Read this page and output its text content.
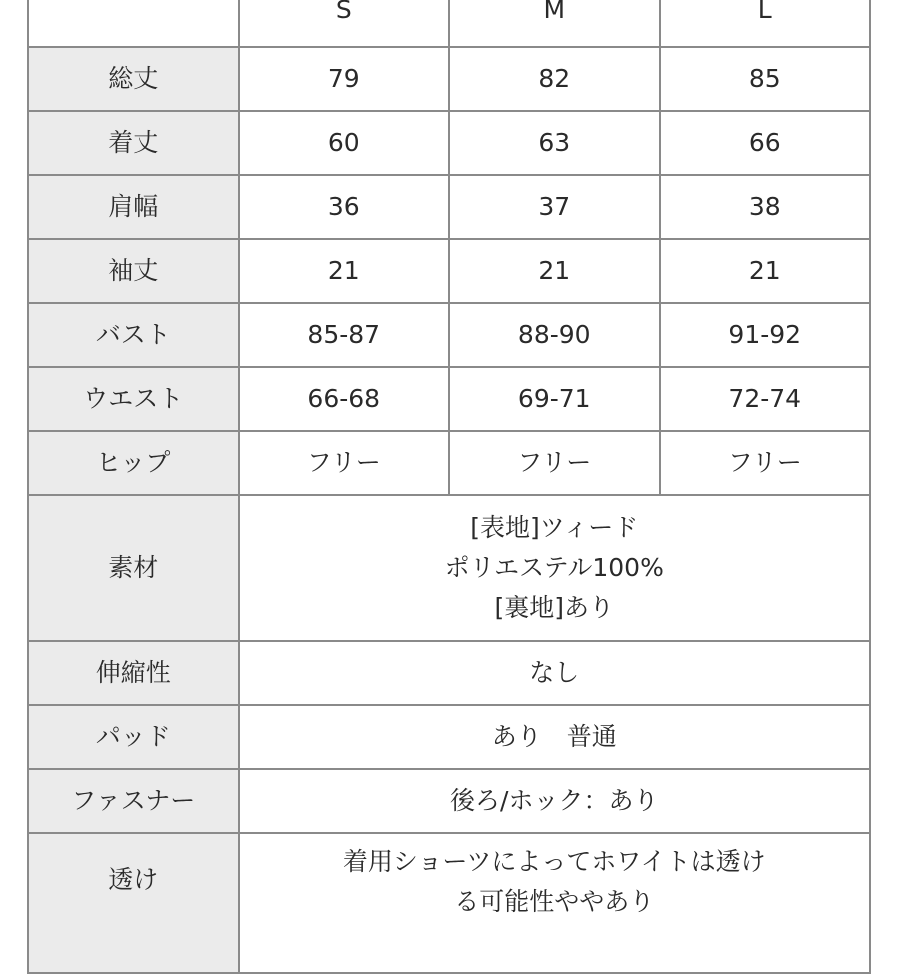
	S	M	L
総丈	79	82	85
着丈	60	63	66
肩幅	36	37	38
袖丈	21	21	21
バスト	85-87	88-90	91-92
ウエスト	66-68	69-71	72-74
ヒップ	フリー	フリー	フリー
素材	[表地]ツィード
ポリエステル100%
[裏地]あり		
伸縮性	なし		
パッド	あり　普通		
ファスナー	後ろ/ホック：あり		
透け	着用ショーツによってホワイトは透け
る可能性ややあり		
